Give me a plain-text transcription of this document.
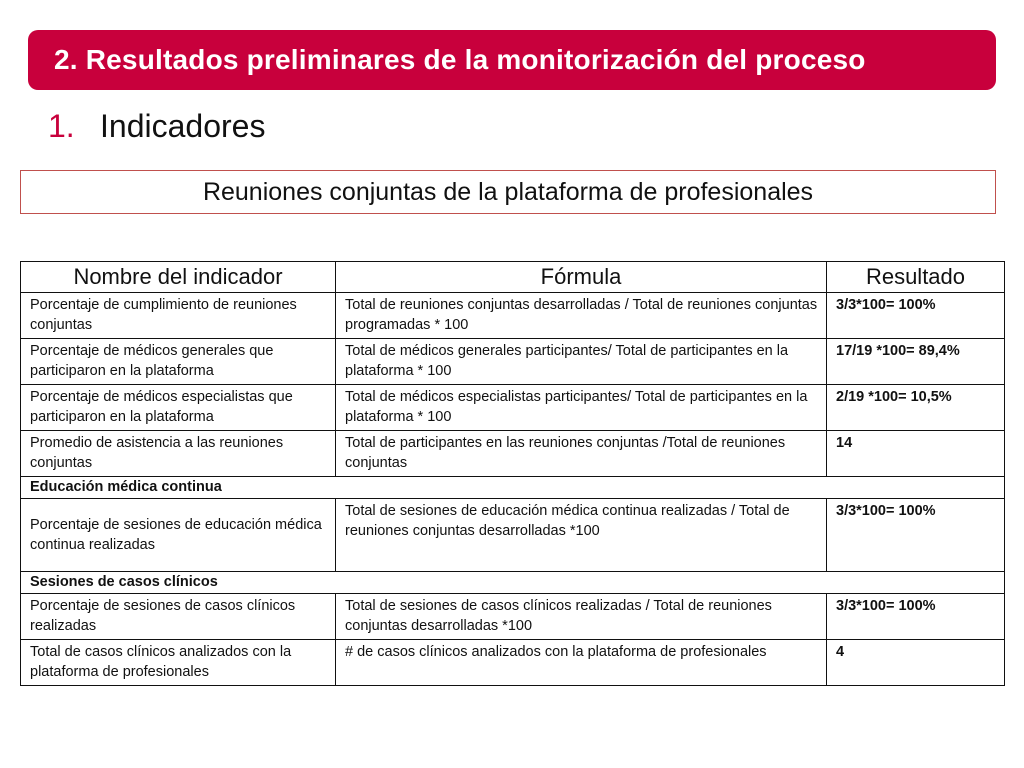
2. Resultados preliminares de la monitorización del proceso
1. Indicadores
Reuniones conjuntas de la plataforma de profesionales
Nombre del indicador	Fórmula	Resultado
Porcentaje de cumplimiento de reuniones conjuntas	Total de reuniones conjuntas desarrolladas / Total de reuniones conjuntas programadas * 100	3/3*100= 100%
Porcentaje de médicos generales que participaron en la plataforma	Total de médicos generales participantes/ Total de participantes en la plataforma * 100	17/19 *100= 89,4%
Porcentaje de médicos especialistas que participaron en la plataforma	Total de médicos especialistas participantes/ Total de participantes en la plataforma * 100	2/19 *100= 10,5%
Promedio de asistencia a las reuniones conjuntas	Total de participantes en las reuniones conjuntas /Total de reuniones conjuntas	14
Educación médica continua		
Porcentaje de sesiones de educación médica continua realizadas	Total de sesiones de educación médica continua realizadas / Total de reuniones conjuntas desarrolladas *100	3/3*100= 100%
Sesiones de casos clínicos		
Porcentaje de sesiones de casos clínicos realizadas	Total de sesiones de casos clínicos realizadas / Total de reuniones conjuntas desarrolladas *100	3/3*100= 100%
Total de casos clínicos analizados con la plataforma de profesionales	# de casos clínicos analizados con la plataforma de profesionales	4
